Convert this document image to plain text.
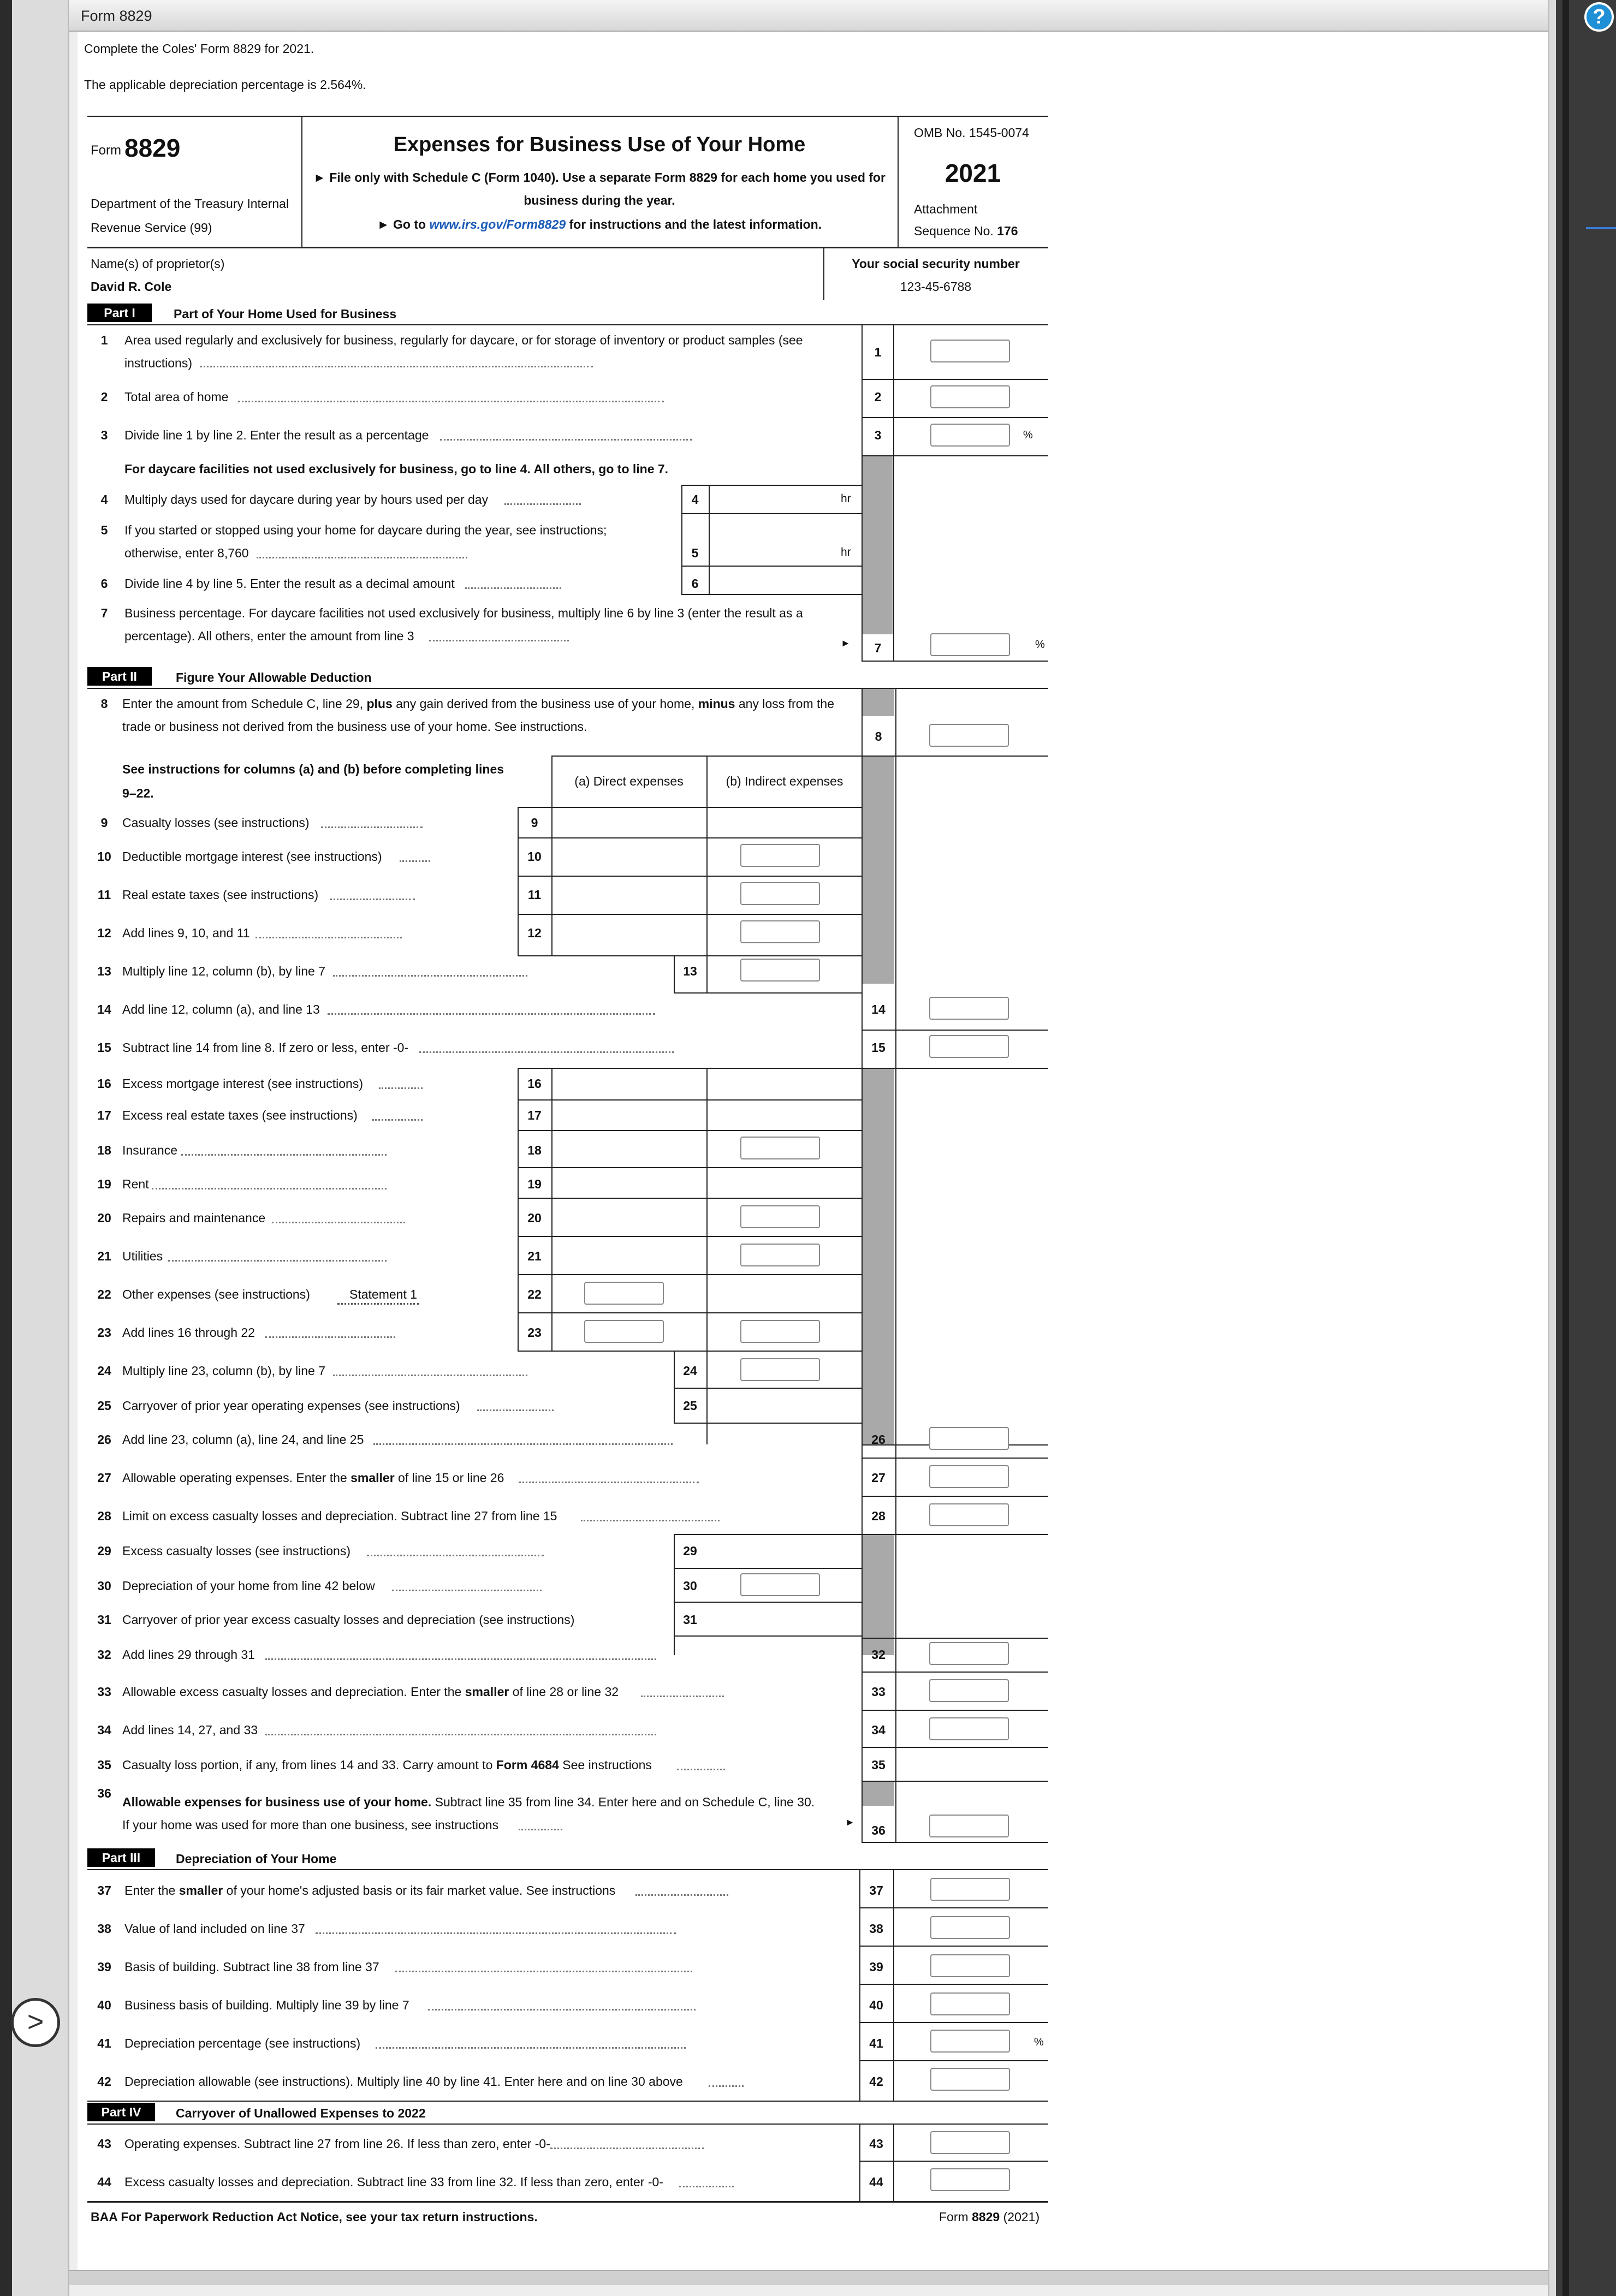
Form 8829	?
>
Complete the Coles' Form 8829 for 2021.
The applicable depreciation percentage is 2.564%.
Form 8829
Department of the Treasury Internal
Revenue Service (99)
Expenses for Business Use of Your Home
► File only with Schedule C (Form 1040). Use a separate Form 8829 for each home you used for
business during the year.
► Go to www.irs.gov/Form8829 for instructions and the latest information.
OMB No. 1545-0074
2021
Attachment
Sequence No. 176
Name(s) of proprietor(s)
David R. Cole
Your social security number
123-45-6788
Part I	Part of Your Home Used for Business
1	Area used regularly and exclusively for business, regularly for daycare, or for storage of inventory or product samples (see
instructions)
1
2	Total area of home	2
3	Divide line 1 by line 2. Enter the result as a percentage	3	%
For daycare facilities not used exclusively for business, go to line 4. All others, go to line 7.
4	Multiply days used for daycare during year by hours used per day	4	hr
5	If you started or stopped using your home for daycare during the year, see instructions;
otherwise, enter 8,760	5	hr
6	Divide line 4 by line 5. Enter the result as a decimal amount	6
7	Business percentage. For daycare facilities not used exclusively for business, multiply line 6 by line 3 (enter the result as a
percentage). All others, enter the amount from line 3	►	7	%
Part II	Figure Your Allowable Deduction
8	Enter the amount from Schedule C, line 29, plus any gain derived from the business use of your home, minus any loss from the
trade or business not derived from the business use of your home. See instructions.
8
See instructions for columns (a) and (b) before completing lines
9–22.
(a) Direct expenses	(b) Indirect expenses
9	Casualty losses (see instructions)	9
10 Deductible mortgage interest (see instructions)	10
11 Real estate taxes (see instructions)	11
12 Add lines 9, 10, and 11	12
13 Multiply line 12, column (b), by line 7	13
14 Add line 12, column (a), and line 13	14
15 Subtract line 14 from line 8. If zero or less, enter -0-	15
16 Excess mortgage interest (see instructions)	16
17 Excess real estate taxes (see instructions)	17
18 Insurance	18
19 Rent	19
20 Repairs and maintenance	20
21 Utilities	21
22 Other expenses (see instructions)	Statement 1	22
23 Add lines 16 through 22	23
24 Multiply line 23, column (b), by line 7	24
25 Carryover of prior year operating expenses (see instructions)	25
26 Add line 23, column (a), line 24, and line 25	26
27 Allowable operating expenses. Enter the smaller of line 15 or line 26	27
28 Limit on excess casualty losses and depreciation. Subtract line 27 from line 15	28
29 Excess casualty losses (see instructions)	29
30 Depreciation of your home from line 42 below	30
31 Carryover of prior year excess casualty losses and depreciation (see instructions)	31
32 Add lines 29 through 31	32
33 Allowable excess casualty losses and depreciation. Enter the smaller of line 28 or line 32	33
34 Add lines 14, 27, and 33	34
35 Casualty loss portion, if any, from lines 14 and 33. Carry amount to Form 4684 See instructions	35
36
Allowable expenses for business use of your home. Subtract line 35 from line 34. Enter here and on Schedule C, line 30.
If your home was used for more than one business, see instructions	►
36
Part III	Depreciation of Your Home
37 Enter the smaller of your home's adjusted basis or its fair market value. See instructions	37
38 Value of land included on line 37	38
39 Basis of building. Subtract line 38 from line 37	39
40 Business basis of building. Multiply line 39 by line 7	40
41 Depreciation percentage (see instructions)	41	%
42 Depreciation allowable (see instructions). Multiply line 40 by line 41. Enter here and on line 30 above	42
Part IV	Carryover of Unallowed Expenses to 2022
43 Operating expenses. Subtract line 27 from line 26. If less than zero, enter -0-	43
44 Excess casualty losses and depreciation. Subtract line 33 from line 32. If less than zero, enter -0-	44
BAA For Paperwork Reduction Act Notice, see your tax return instructions.	Form 8829 (2021)
